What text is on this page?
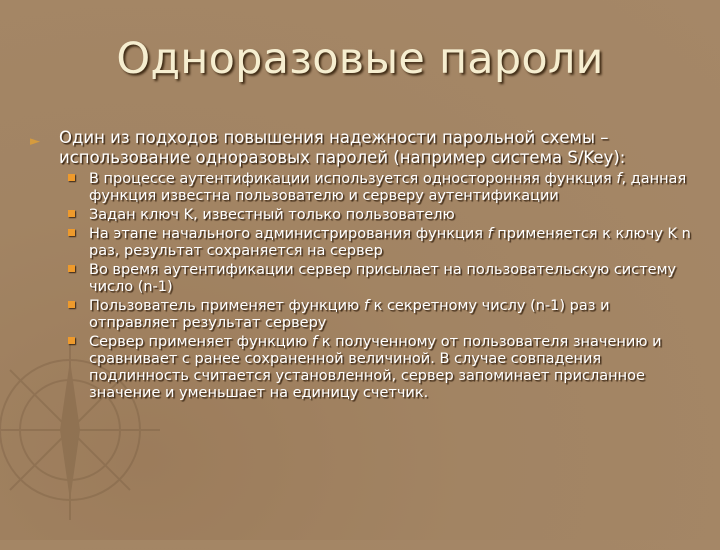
Одноразовые пароли
► Один из подходов повышения надежности парольной схемы – использование одноразовых паролей (например система S/Key):
В процессе аутентификации используется односторонняя функция f, данная функция известна пользователю и серверу аутентификации
Задан ключ K, известный только пользователю
На этапе начального администрирования функция f применяется к ключу K n раз, результат сохраняется на сервер
Во время аутентификации сервер присылает на пользовательскую систему число (n-1)
Пользователь применяет функцию f к секретному числу (n-1) раз и отправляет результат серверу
Сервер применяет функцию f к полученному от пользователя значению и сравнивает с ранее сохраненной величиной. В случае совпадения подлинность считается установленной, сервер запоминает присланное значение и уменьшает на единицу счетчик.
